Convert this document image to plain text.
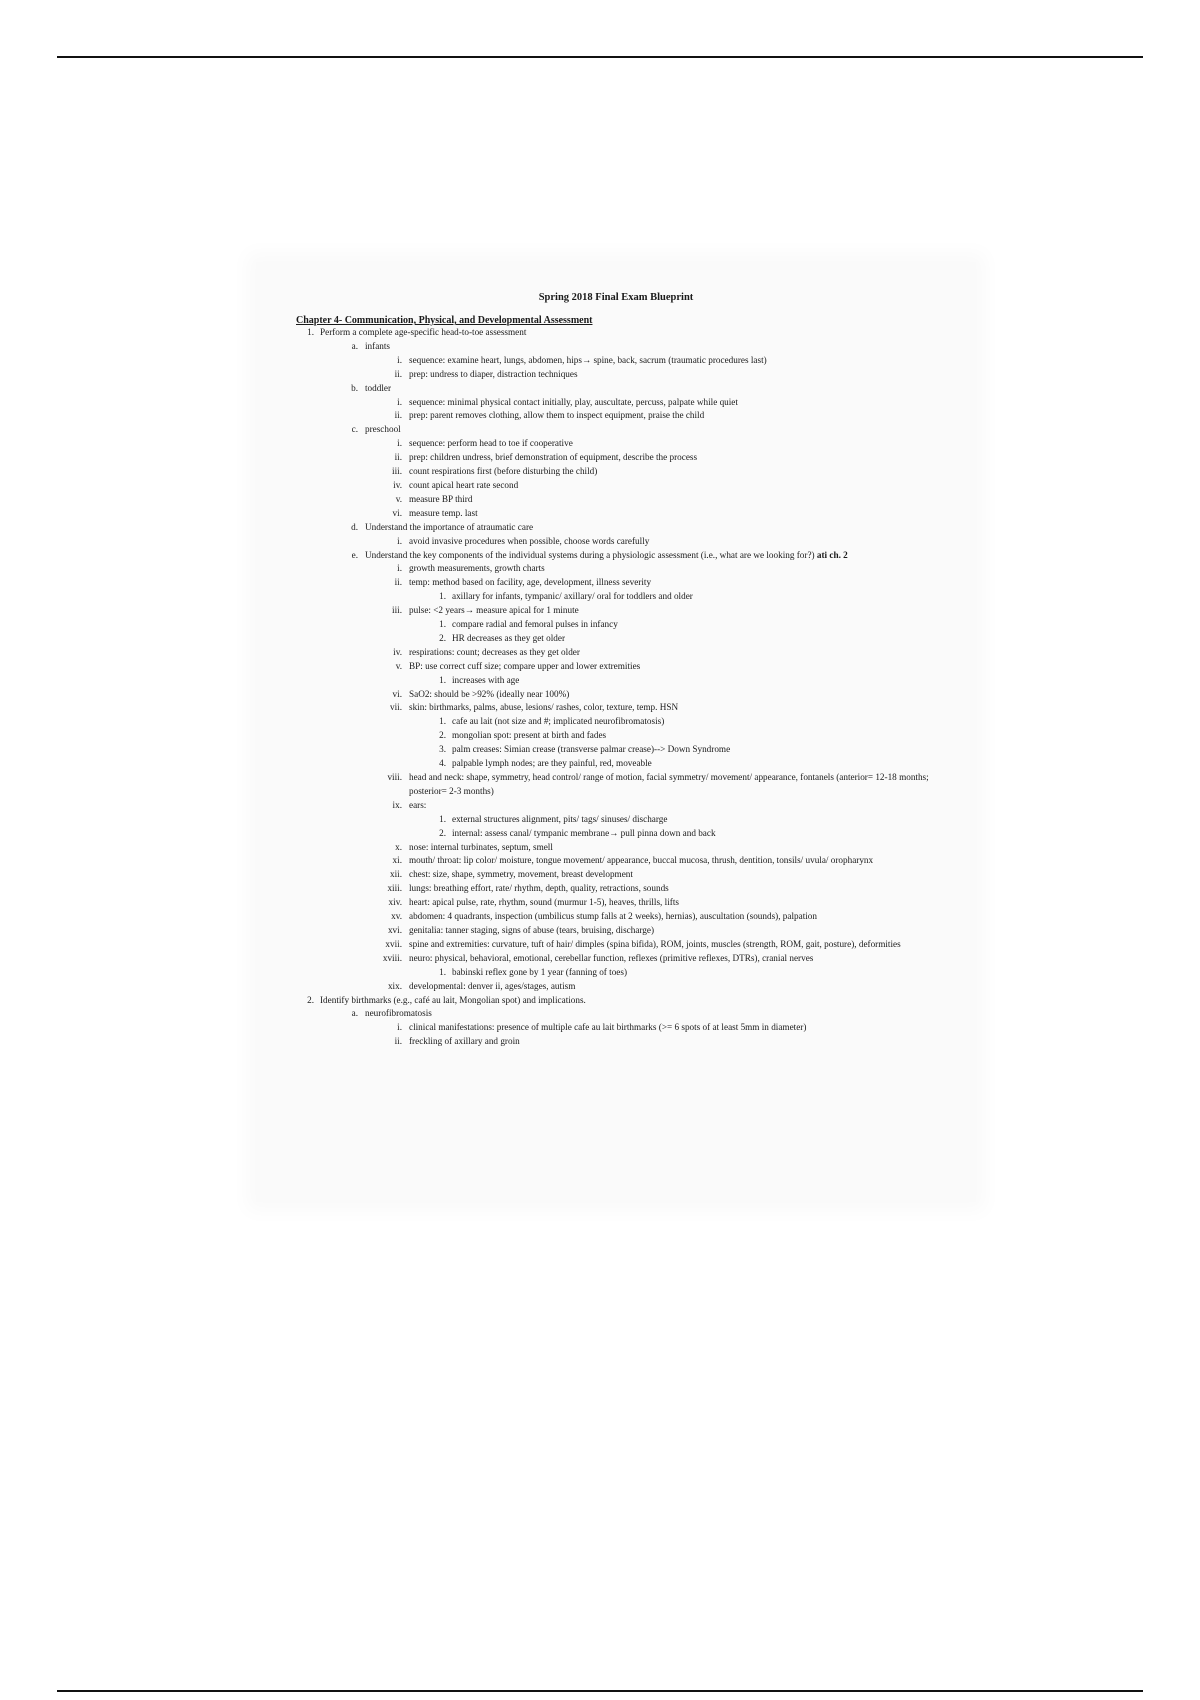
Spring 2018 Final Exam Blueprint
Chapter 4- Communication, Physical, and Developmental Assessment
1. Perform a complete age-specific head-to-toe assessment
a. infants
i. sequence: examine heart, lungs, abdomen, hips→ spine, back, sacrum (traumatic procedures last)
ii. prep: undress to diaper, distraction techniques
b. toddler
i. sequence: minimal physical contact initially, play, auscultate, percuss, palpate while quiet
ii. prep: parent removes clothing, allow them to inspect equipment, praise the child
c. preschool
i. sequence: perform head to toe if cooperative
ii. prep: children undress, brief demonstration of equipment, describe the process
iii. count respirations first (before disturbing the child)
iv. count apical heart rate second
v. measure BP third
vi. measure temp. last
d. Understand the importance of atraumatic care
i. avoid invasive procedures when possible, choose words carefully
e. Understand the key components of the individual systems during a physiologic assessment (i.e., what are we looking for?) ati ch. 2
i. growth measurements, growth charts
ii. temp: method based on facility, age, development, illness severity
1. axillary for infants, tympanic/ axillary/ oral for toddlers and older
iii. pulse: <2 years→ measure apical for 1 minute
1. compare radial and femoral pulses in infancy
2. HR decreases as they get older
iv. respirations: count; decreases as they get older
v. BP: use correct cuff size; compare upper and lower extremities
1. increases with age
vi. SaO2: should be >92% (ideally near 100%)
vii. skin: birthmarks, palms, abuse, lesions/ rashes, color, texture, temp. HSN
1. cafe au lait (not size and #; implicated neurofibromatosis)
2. mongolian spot: present at birth and fades
3. palm creases: Simian crease (transverse palmar crease)--> Down Syndrome
4. palpable lymph nodes; are they painful, red, moveable
viii. head and neck: shape, symmetry, head control/ range of motion, facial symmetry/ movement/ appearance, fontanels (anterior= 12-18 months; posterior= 2-3 months)
ix. ears:
1. external structures alignment, pits/ tags/ sinuses/ discharge
2. internal: assess canal/ tympanic membrane→ pull pinna down and back
x. nose: internal turbinates, septum, smell
xi. mouth/ throat: lip color/ moisture, tongue movement/ appearance, buccal mucosa, thrush, dentition, tonsils/ uvula/ oropharynx
xii. chest: size, shape, symmetry, movement, breast development
xiii. lungs: breathing effort, rate/ rhythm, depth, quality, retractions, sounds
xiv. heart: apical pulse, rate, rhythm, sound (murmur 1-5), heaves, thrills, lifts
xv. abdomen: 4 quadrants, inspection (umbilicus stump falls at 2 weeks), hernias), auscultation (sounds), palpation
xvi. genitalia: tanner staging, signs of abuse (tears, bruising, discharge)
xvii. spine and extremities: curvature, tuft of hair/ dimples (spina bifida), ROM, joints, muscles (strength, ROM, gait, posture), deformities
xviii. neuro: physical, behavioral, emotional, cerebellar function, reflexes (primitive reflexes, DTRs), cranial nerves
1. babinski reflex gone by 1 year (fanning of toes)
xix. developmental: denver ii, ages/stages, autism
2. Identify birthmarks (e.g., café au lait, Mongolian spot) and implications.
a. neurofibromatosis
i. clinical manifestations: presence of multiple cafe au lait birthmarks (>= 6 spots of at least 5mm in diameter)
ii. freckling of axillary and groin
